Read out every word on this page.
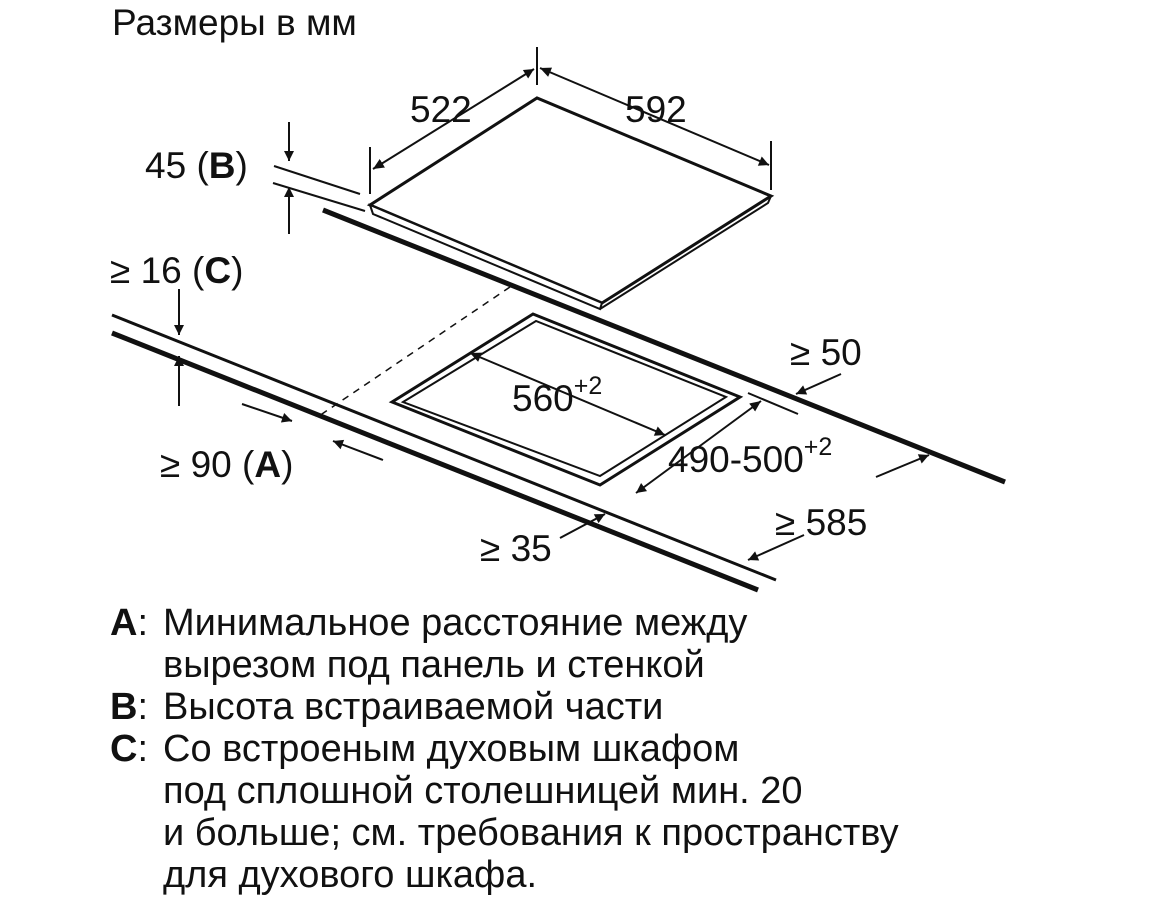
Размеры в мм
522	592
45 (B)
≥ 16 (C)
$560^{+2}$
$490-500^{+2}$
≥ 50
≥ 90 (A)
≥ 35
≥ 585
A: Минимальное расстояние между
вырезом под панель и стенкой
B: Высота встраиваемой части
C: Со встроеным духовым шкафом
под сплошной столешницей мин. 20
и больше; см. требования к пространству
для духового шкафа.
